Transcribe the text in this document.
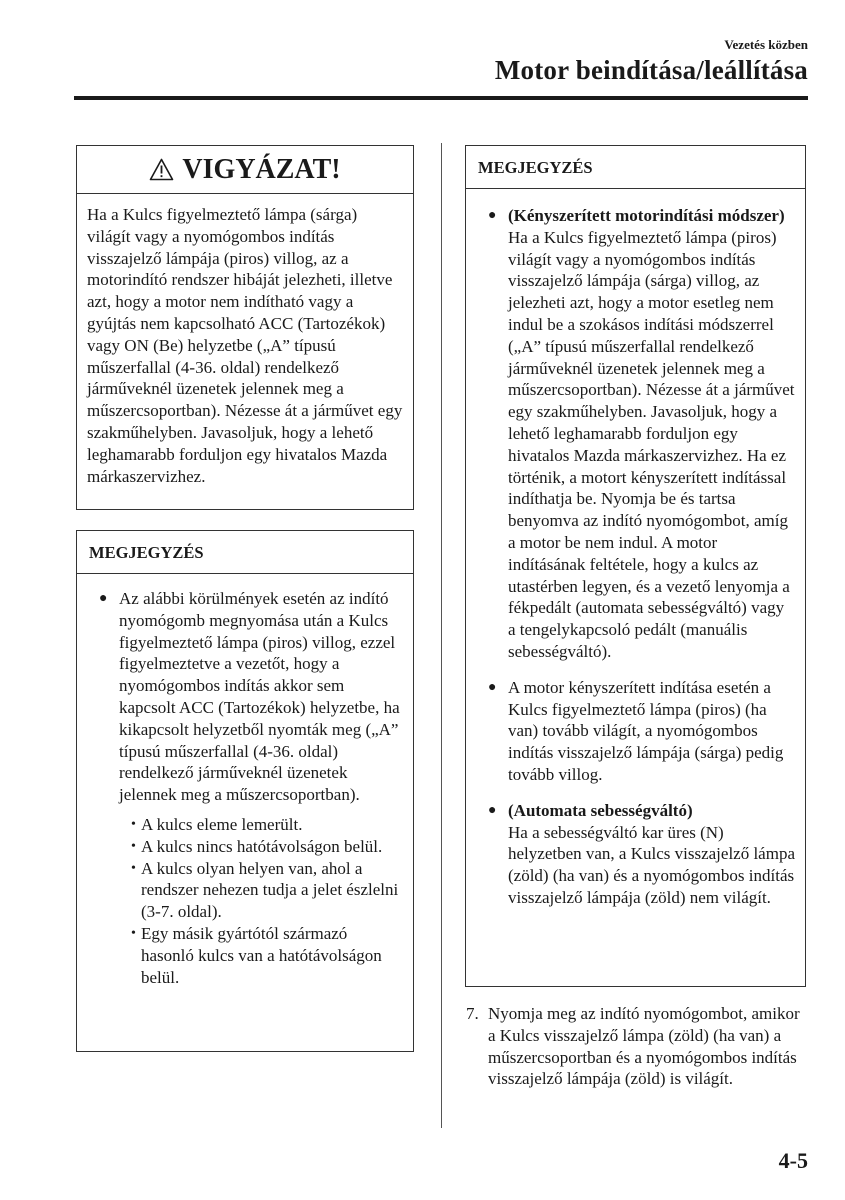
Vezetés közben
Motor beindítása/leállítása
VIGYÁZAT!
Ha a Kulcs figyelmeztető lámpa (sárga) világít vagy a nyomógombos indítás visszajelző lámpája (piros) villog, az a motorindító rendszer hibáját jelezheti, illetve azt, hogy a motor nem indítható vagy a gyújtás nem kapcsolható ACC (Tartozékok) vagy ON (Be) helyzetbe („A” típusú műszerfallal (4-36. oldal) rendelkező járműveknél üzenetek jelennek meg a műszercsoportban). Nézesse át a járművet egy szakműhelyben. Javasoljuk, hogy a lehető leghamarabb forduljon egy hivatalos Mazda márkaszervizhez.
MEGJEGYZÉS
● Az alábbi körülmények esetén az indító nyomógomb megnyomása után a Kulcs figyelmeztető lámpa (piros) villog, ezzel figyelmeztetve a vezetőt, hogy a nyomógombos indítás akkor sem kapcsolt ACC (Tartozékok) helyzetbe, ha kikapcsolt helyzetből nyomták meg („A” típusú műszerfallal (4-36. oldal) rendelkező járműveknél üzenetek jelennek meg a műszercsoportban).
• A kulcs eleme lemerült.
• A kulcs nincs hatótávolságon belül.
• A kulcs olyan helyen van, ahol a rendszer nehezen tudja a jelet észlelni (3-7. oldal).
• Egy másik gyártótól származó hasonló kulcs van a hatótávolságon belül.
MEGJEGYZÉS
● (Kényszerített motorindítási módszer)
Ha a Kulcs figyelmeztető lámpa (piros) világít vagy a nyomógombos indítás visszajelző lámpája (sárga) villog, az jelezheti azt, hogy a motor esetleg nem indul be a szokásos indítási módszerrel („A” típusú műszerfallal rendelkező járműveknél üzenetek jelennek meg a műszercsoportban). Nézesse át a járművet egy szakműhelyben. Javasoljuk, hogy a lehető leghamarabb forduljon egy hivatalos Mazda márkaszervizhez. Ha ez történik, a motort kényszerített indítással indíthatja be. Nyomja be és tartsa benyomva az indító nyomógombot, amíg a motor be nem indul. A motor indításának feltétele, hogy a kulcs az utastérben legyen, és a vezető lenyomja a fékpedált (automata sebességváltó) vagy a tengelykapcsoló pedált (manuális sebességváltó).
● A motor kényszerített indítása esetén a Kulcs figyelmeztető lámpa (piros) (ha van) tovább világít, a nyomógombos indítás visszajelző lámpája (sárga) pedig tovább villog.
● (Automata sebességváltó)
Ha a sebességváltó kar üres (N) helyzetben van, a Kulcs visszajelző lámpa (zöld) (ha van) és a nyomógombos indítás visszajelző lámpája (zöld) nem világít.
7. Nyomja meg az indító nyomógombot, amikor a Kulcs visszajelző lámpa (zöld) (ha van) a műszercsoportban és a nyomógombos indítás visszajelző lámpája (zöld) is világít.
4-5
